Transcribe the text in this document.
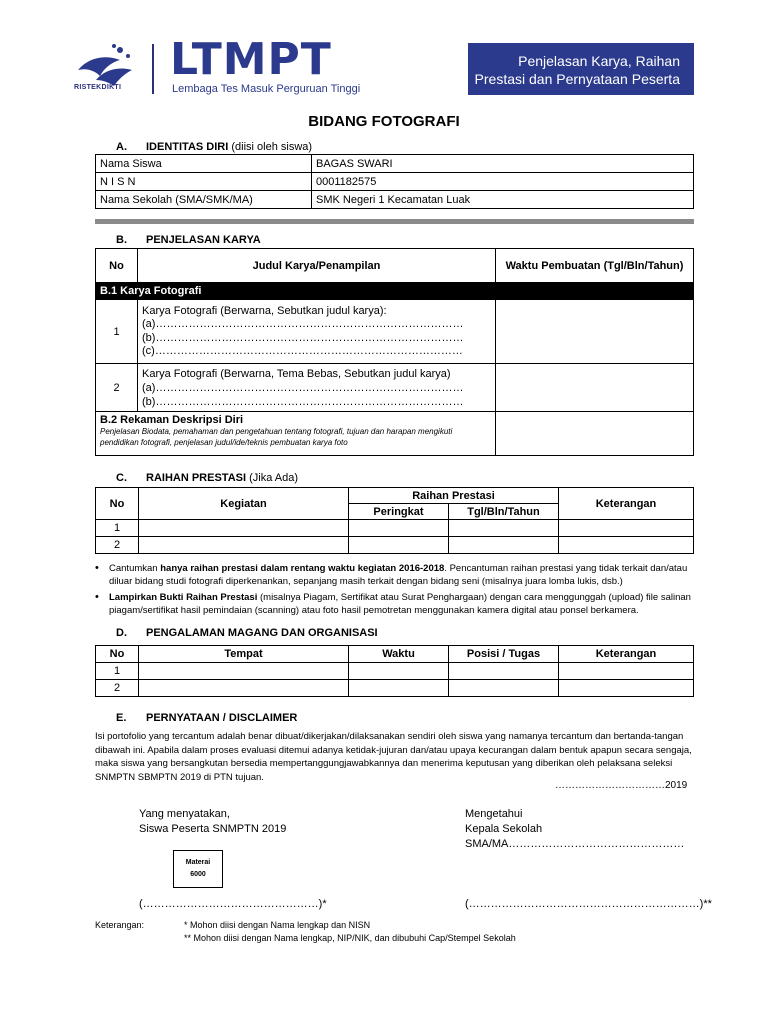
RISTEKDIKTI
LTMPT
Lembaga Tes Masuk Perguruan Tinggi
Penjelasan Karya, Raihan
Prestasi dan Pernyataan Peserta
BIDANG FOTOGRAFI
A. IDENTITAS DIRI (diisi oleh siswa)
Nama Siswa	BAGAS SWARI
N I S N	0001182575
Nama Sekolah (SMA/SMK/MA)	SMK Negeri 1 Kecamatan Luak
B. PENJELASAN KARYA
No	Judul Karya/Penampilan	Waktu Pembuatan (Tgl/Bln/Tahun)
B.1 Karya Fotografi		
1	Karya Fotografi (Berwarna, Sebutkan judul karya):
(a)…………………………………………………………………………
(b)…………………………………………………………………………
(c)…………………………………………………………………………	

2	Karya Fotografi (Berwarna, Tema Bebas, Sebutkan judul karya)
(a)…………………………………………………………………………
(b)…………………………………………………………………………	

B.2 Rekaman Deskripsi Diri
Penjelasan Biodata, pemahaman dan pengetahuan tentang fotografi, tujuan dan harapan mengikuti pendidikan fotografi, penjelasan judul/ide/teknis pembuatan karya foto		

C. RAIHAN PRESTASI (Jika Ada)
No	Kegiatan	Raihan Prestasi		Keterangan
		Peringkat	Tgl/Bln/Tahun	
1				
2				
• Cantumkan hanya raihan prestasi dalam rentang waktu kegiatan 2016-2018. Pencantuman raihan prestasi yang tidak terkait dan/atau diluar bidang studi fotografi diperkenankan, sepanjang masih terkait dengan bidang seni (misalnya juara lomba lukis, dsb.)
• Lampirkan Bukti Raihan Prestasi (misalnya Piagam, Sertifikat atau Surat Penghargaan) dengan cara menggunggah (upload) file salinan piagam/sertifikat hasil pemindaian (scanning) atau foto hasil pemotretan menggunakan kamera digital atau ponsel berkamera.
D. PENGALAMAN MAGANG DAN ORGANISASI
No	Tempat	Waktu	Posisi / Tugas	Keterangan
1				
2				
E. PERNYATAAN / DISCLAIMER
Isi portofolio yang tercantum adalah benar dibuat/dikerjakan/dilaksanakan sendiri oleh siswa yang namanya tercantum dan bertanda-tangan dibawah ini. Apabila dalam proses evaluasi ditemui adanya ketidak-jujuran dan/atau upaya kecurangan dalam bentuk apapun secara sengaja, maka siswa yang bersangkutan bersedia mempertanggungjawabkannya dan menerima keputusan yang diberikan oleh pelaksana seleksi SNMPTN SBMPTN 2019 di PTN tujuan.
……………………………2019
Yang menyatakan,
Siswa Peserta SNMPTN 2019
Materai
6000
(…………………………………………)*
Mengetahui
Kepala Sekolah
SMA/MA…………………………………………
(………………………………………………………)**
Keterangan:	* Mohon diisi dengan Nama lengkap dan NISN
** Mohon diisi dengan Nama lengkap, NIP/NIK, dan dibubuhi Cap/Stempel Sekolah
